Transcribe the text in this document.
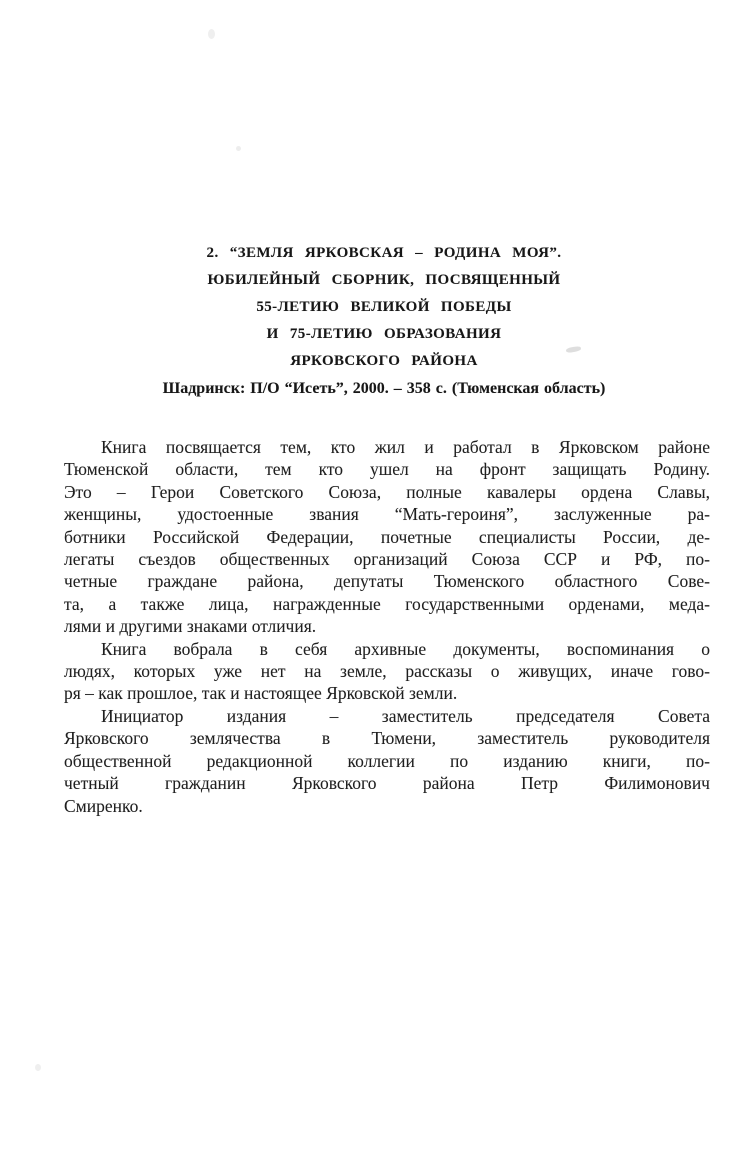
2. “ЗЕМЛЯ ЯРКОВСКАЯ – РОДИНА МОЯ”.
ЮБИЛЕЙНЫЙ СБОРНИК, ПОСВЯЩЕННЫЙ
55-ЛЕТИЮ ВЕЛИКОЙ ПОБЕДЫ
И 75-ЛЕТИЮ ОБРАЗОВАНИЯ
ЯРКОВСКОГО РАЙОНА
Шадринск: П/О “Исеть”, 2000. – 358 с. (Тюменская область)
Книга посвящается тем, кто жил и работал в Ярковском районе
Тюменской области, тем кто ушел на фронт защищать Родину.
Это – Герои Советского Союза, полные кавалеры ордена Славы,
женщины, удостоенные звания “Мать-героиня”, заслуженные ра-
ботники Российской Федерации, почетные специалисты России, де-
легаты съездов общественных организаций Союза ССР и РФ, по-
четные граждане района, депутаты Тюменского областного Сове-
та, а также лица, награжденные государственными орденами, меда-
лями и другими знаками отличия.
Книга вобрала в себя архивные документы, воспоминания о
людях, которых уже нет на земле, рассказы о живущих, иначе гово-
ря – как прошлое, так и настоящее Ярковской земли.
Инициатор издания – заместитель председателя Совета
Ярковского землячества в Тюмени, заместитель руководителя
общественной редакционной коллегии по изданию книги, по-
четный гражданин Ярковского района Петр Филимонович
Смиренко.
